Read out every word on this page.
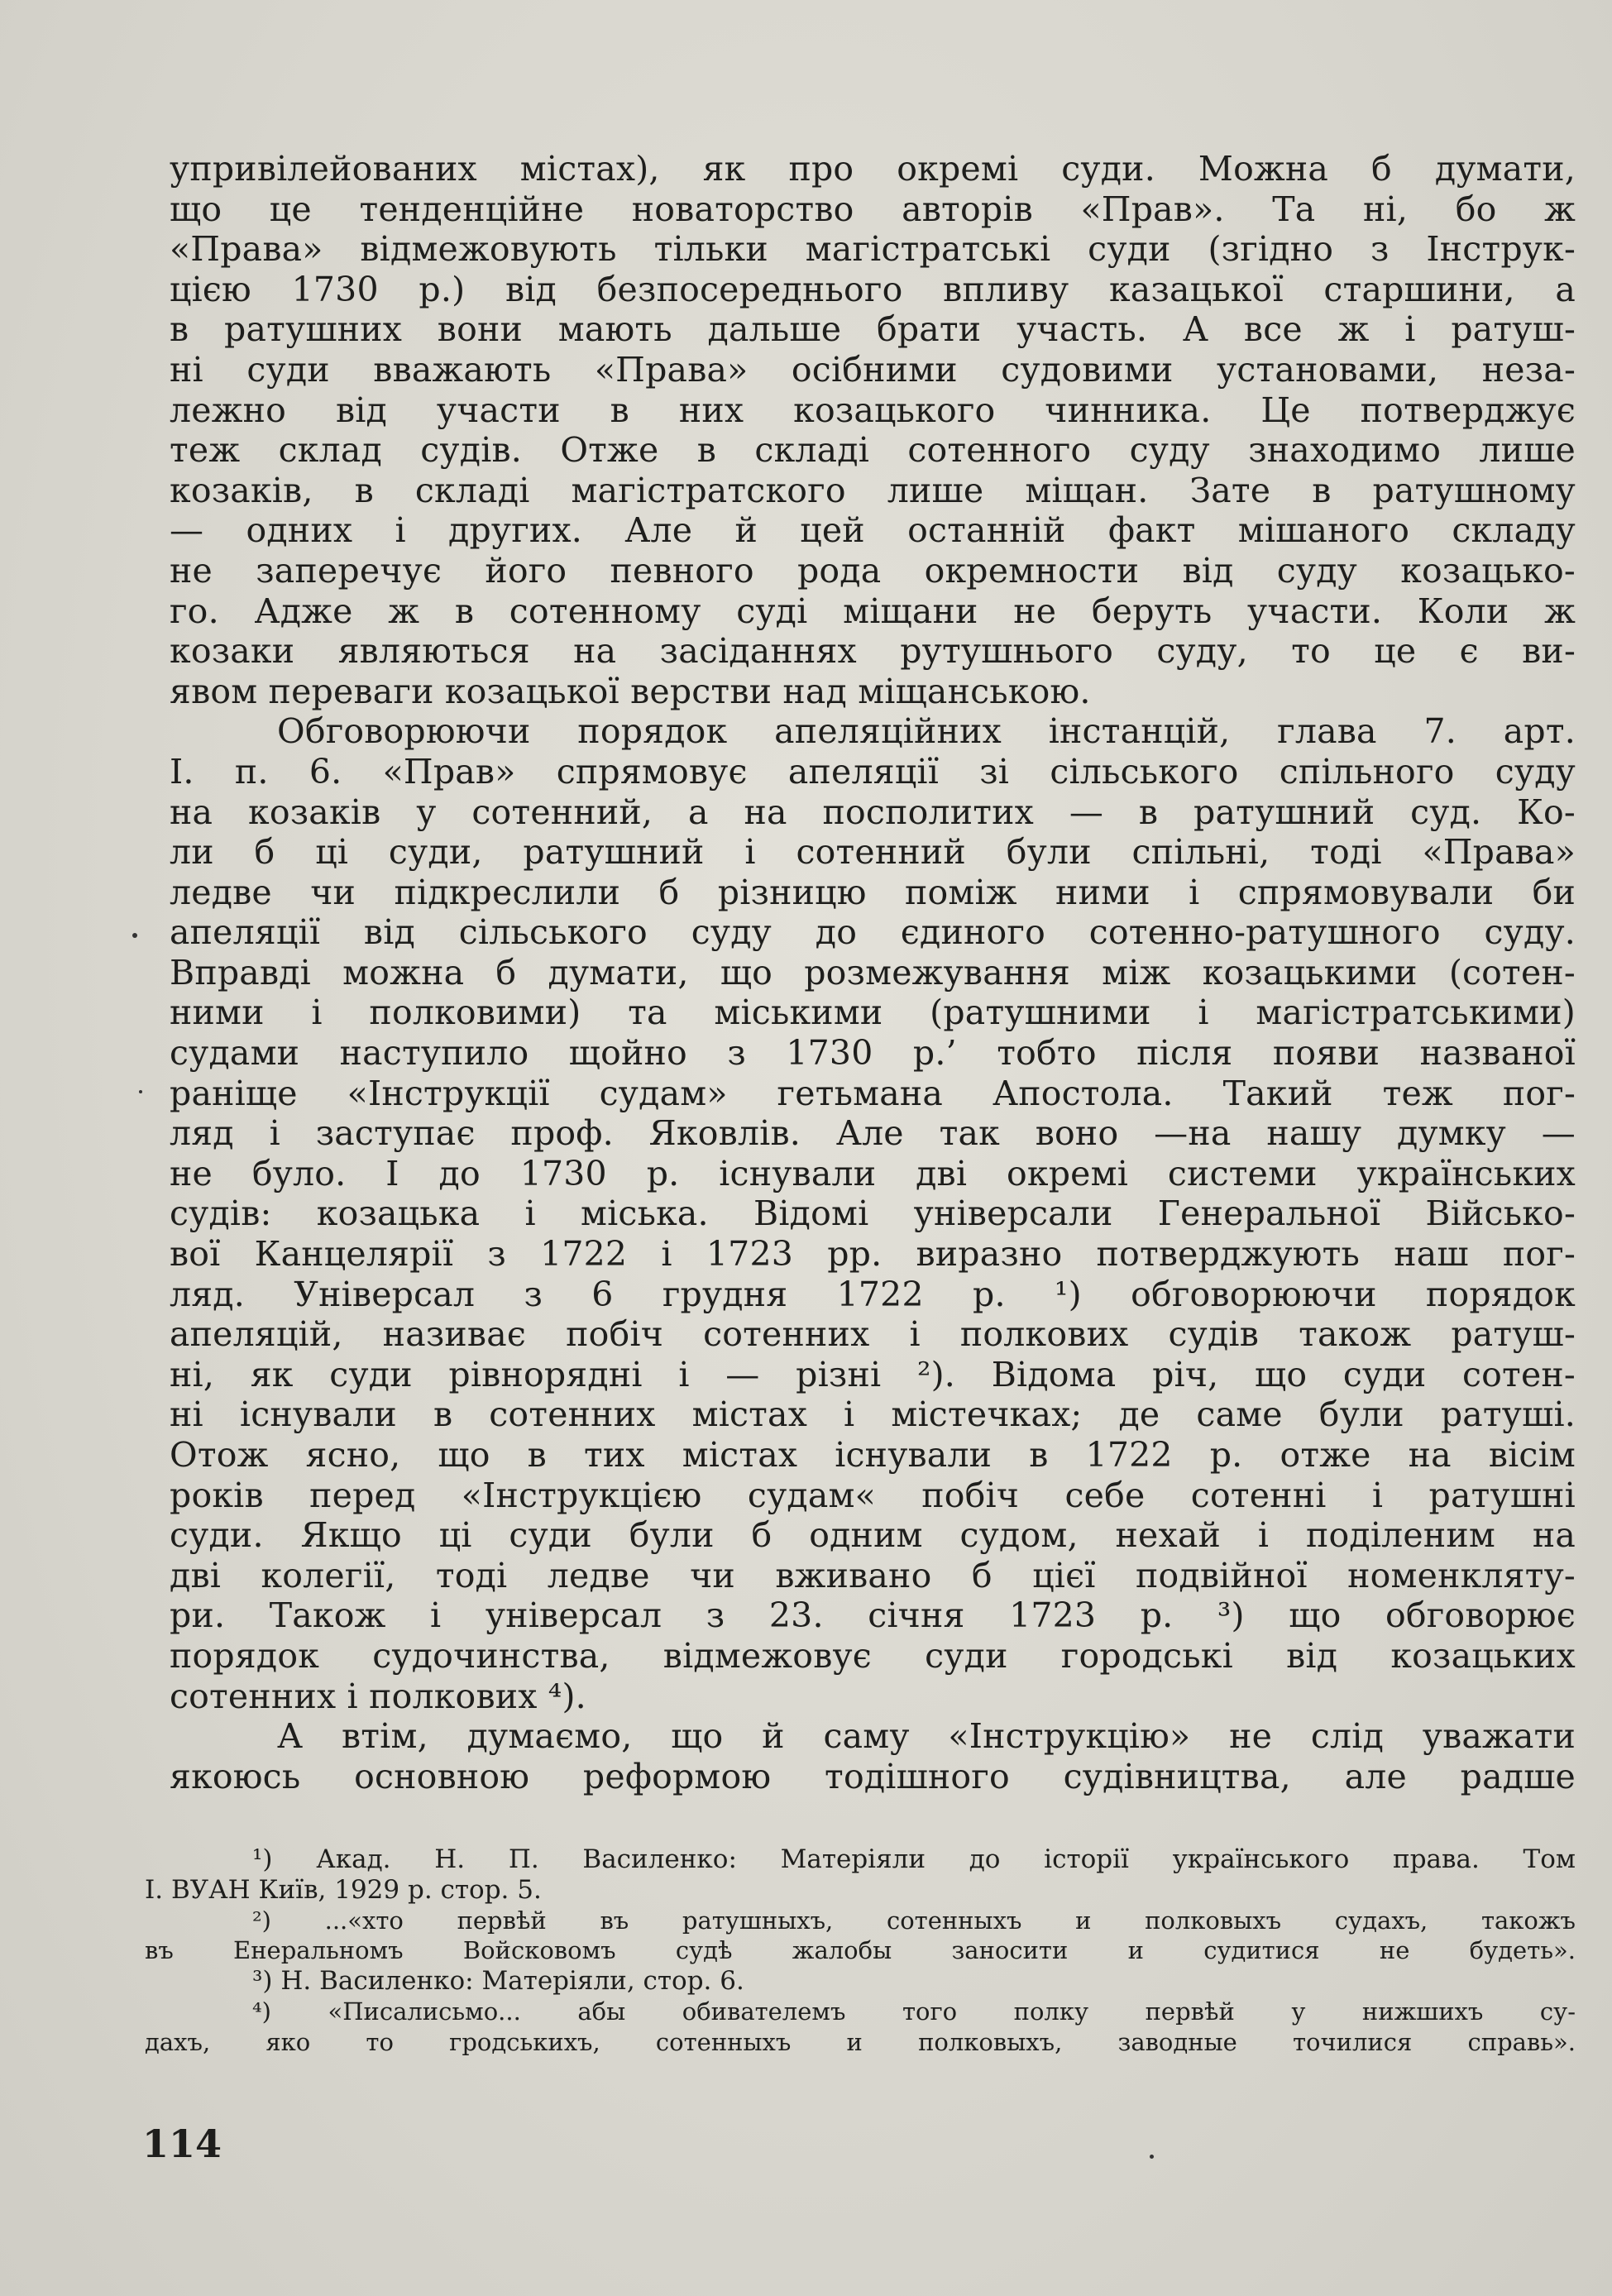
упривілейованих містах), як про окремі суди. Можна б думати,
що це тенденційне новаторство авторів «Прав». Та ні, бо ж
«Права» відмежовують тільки магістратські суди (згідно з Інструк-
цією 1730 р.) від безпосереднього впливу казацької старшини, а
в ратушних вони мають дальше брати участь. А все ж і ратуш-
ні суди вважають «Права» осібними судовими установами, неза-
лежно від участи в них козацького чинника. Це потверджує
теж склад судів. Отже в складі сотенного суду знаходимо лише
козаків, в складі магістратского лише міщан. Зате в ратушному
— одних і других. Але й цей останній факт мішаного складу
не заперечує його певного рода окремности від суду козацько-
го. Адже ж в сотенному суді міщани не беруть участи. Коли ж
козаки являються на засіданнях рутушнього суду, то це є ви-
явом переваги козацької верстви над міщанською.
Обговорюючи порядок апеляційних інстанцій, глава 7. арт.
I. п. 6. «Прав» спрямовує апеляції зі сільського спільного суду
на козаків у сотенний, а на посполитих — в ратушний суд. Ко-
ли б ці суди, ратушний і сотенний були спільні, тоді «Права»
ледве чи підкреслили б різницю поміж ними і спрямовували би
апеляції від сільського суду до єдиного сотенно-ратушного суду.
Вправді можна б думати, що розмежування між козацькими (сотен-
ними і полковими) та міськими (ратушними і магістратськими)
судами наступило щойно з 1730 р.’ тобто після появи названої
раніще «Інструкції судам» гетьмана Апостола. Такий теж пог-
ляд і заступає проф. Яковлів. Але так воно —на нашу думку —
не було. І до 1730 р. існували дві окремі системи українських
судів: козацька і міська. Відомі універсали Генеральної Військо-
вої Канцелярії з 1722 і 1723 рр. виразно потверджують наш пог-
ляд. Універсал з 6 грудня 1722 р. ¹) обговорюючи порядок
апеляцій, називає побіч сотенних і полкових судів також ратуш-
ні, як суди рівнорядні і — різні ²). Відома річ, що суди сотен-
ні існували в сотенних містах і містечках; де саме були ратуші.
Отож ясно, що в тих містах існували в 1722 р. отже на вісім
років перед «Інструкцією судам« побіч себе сотенні і ратушні
суди. Якщо ці суди були б одним судом, нехай і поділеним на
дві колегії, тоді ледве чи вживано б цієї подвійної номенкляту-
ри. Також і універсал з 23. січня 1723 р. ³) що обговорює
порядок судочинства, відмежовує суди городські від козацьких
сотенних і полкових ⁴).
А втім, думаємо, що й саму «Інструкцію» не слід уважати
якоюсь основною реформою тодішного судівництва, але радше
¹) Акад. Н. П. Василенко: Матеріяли до історії українського права. Том
I. ВУАН Київ, 1929 р. стор. 5.
²) ...«хто первѣй въ ратушныхъ, сотенныхъ и полковыхъ судахъ, такожъ
въ Енеральномъ Войсковомъ судѣ жалобы заносити и судитися не будеть».
³) Н. Василенко: Матеріяли, стор. 6.
⁴) «Писалисьмо... абы обивателемъ того полку первѣй у нижшихъ су-
дахъ, яко то гродськихъ, сотенныхъ и полковыхъ, заводные точилися справь».
114
